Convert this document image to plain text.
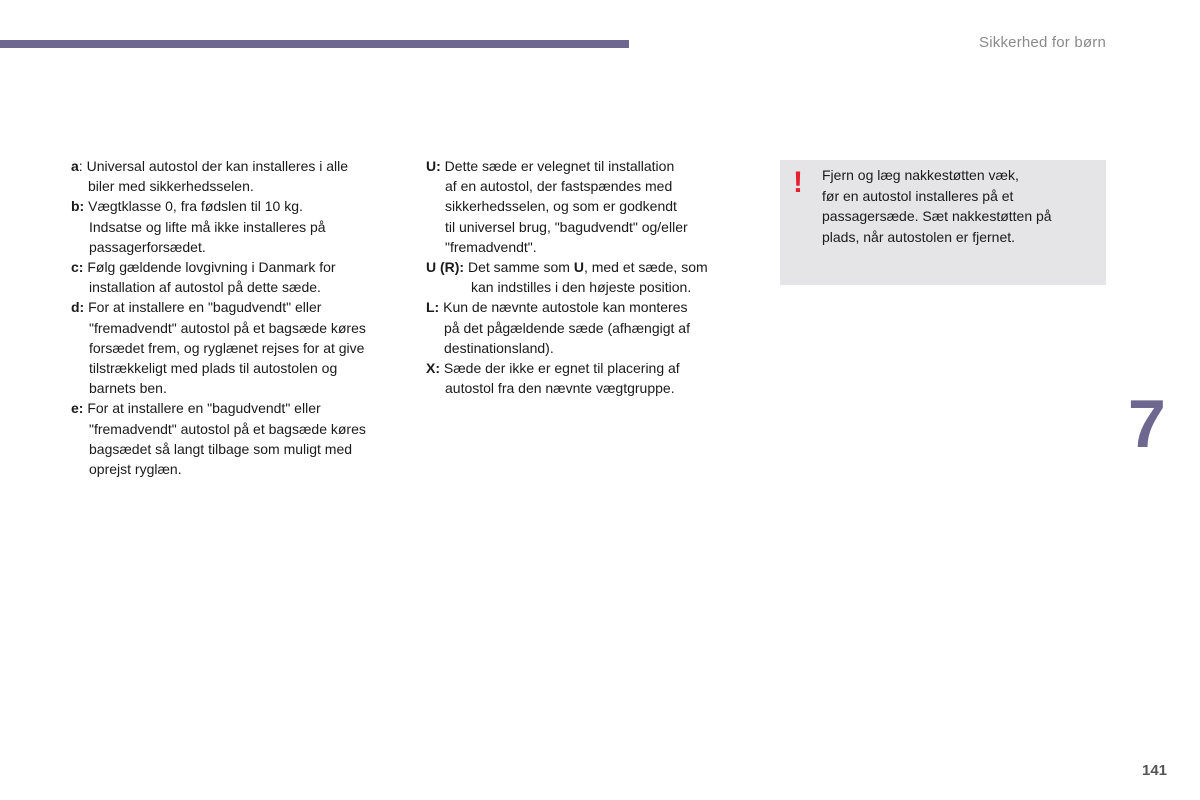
Sikkerhed for børn

a: Universal autostol der kan installeres i alle
biler med sikkerhedsselen.

b: Vægtklasse 0, fra fødslen til 10 kg.
Indsatse og lifte må ikke installeres på
passagerforsædet.

c: Følg gældende lovgivning i Danmark for
installation af autostol på dette sæde.

d: For at installere en "bagudvendt" eller
"fremadvendt" autostol på et bagsæde køres
forsædet frem, og ryglænet rejses for at give
tilstrækkeligt med plads til autostolen og
barnets ben.

e: For at installere en "bagudvendt" eller
"fremadvendt" autostol på et bagsæde køres
bagsædet så langt tilbage som muligt med
oprejst ryglæn.

U: Dette sæde er velegnet til installation
af en autostol, der fastspændes med
sikkerhedsselen, og som er godkendt
til universel brug, "bagudvendt" og/eller
"fremadvendt".

U (R): Det samme som U, med et sæde, som
kan indstilles i den højeste position.

L: Kun de nævnte autostole kan monteres
på det pågældende sæde (afhængigt af
destinationsland).

X: Sæde der ikke er egnet til placering af
autostol fra den nævnte vægtgruppe.

! Fjern og læg nakkestøtten væk,
før en autostol installeres på et
passagersæde. Sæt nakkestøtten på
plads, når autostolen er fjernet.
7
141
